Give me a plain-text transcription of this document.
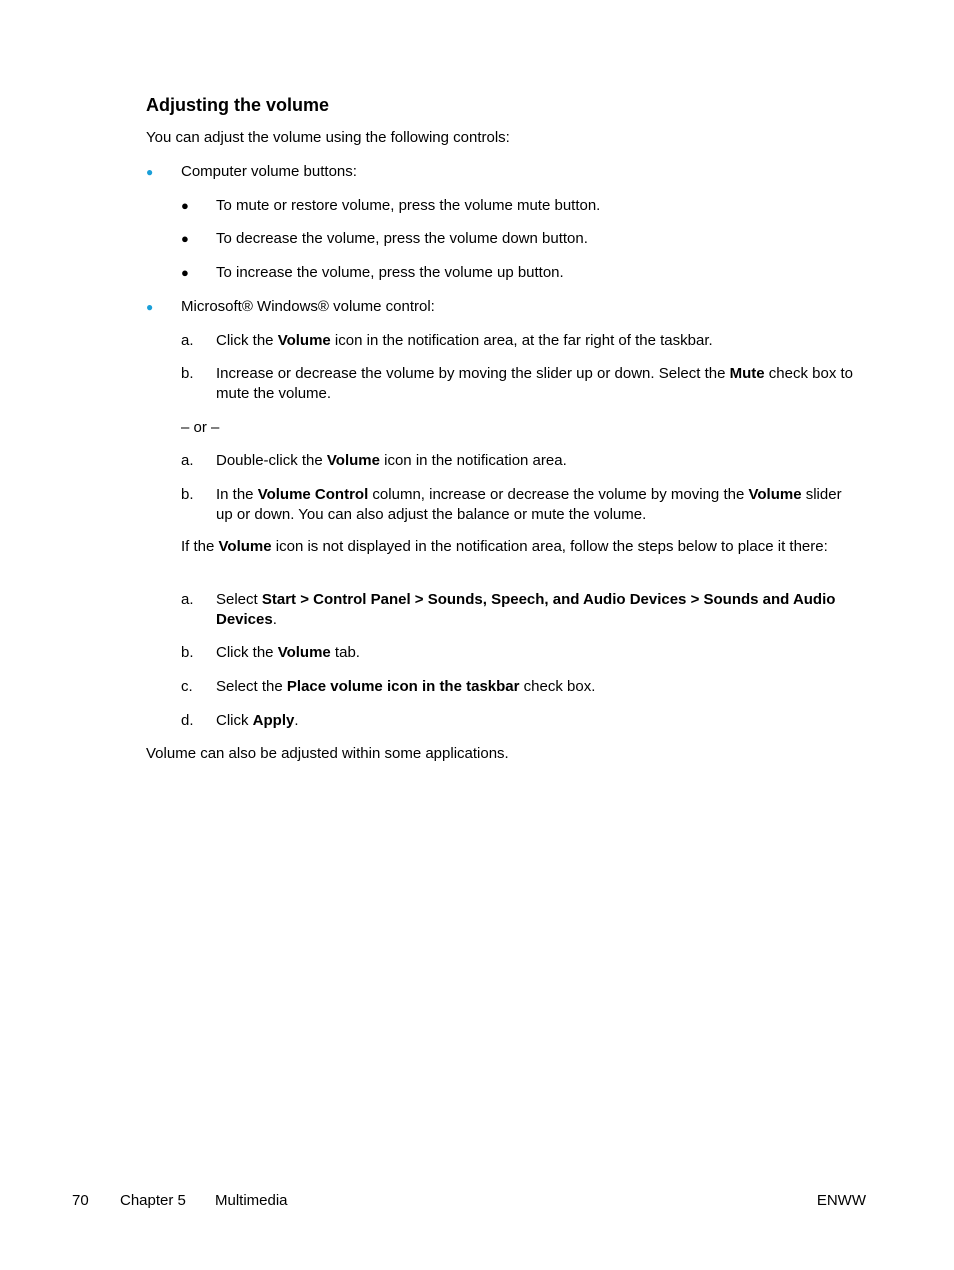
Adjusting the volume
You can adjust the volume using the following controls:
● Computer volume buttons:
● To mute or restore volume, press the volume mute button.
● To decrease the volume, press the volume down button.
● To increase the volume, press the volume up button.
● Microsoft® Windows® volume control:
a. Click the Volume icon in the notification area, at the far right of the taskbar.
b. Increase or decrease the volume by moving the slider up or down. Select the Mute check box to mute the volume.
– or –
a. Double-click the Volume icon in the notification area.
b. In the Volume Control column, increase or decrease the volume by moving the Volume slider up or down. You can also adjust the balance or mute the volume.
If the Volume icon is not displayed in the notification area, follow the steps below to place it there:
a. Select Start > Control Panel > Sounds, Speech, and Audio Devices > Sounds and Audio Devices.
b. Click the Volume tab.
c. Select the Place volume icon in the taskbar check box.
d. Click Apply.
Volume can also be adjusted within some applications.
70 Chapter 5 Multimedia	ENWW
